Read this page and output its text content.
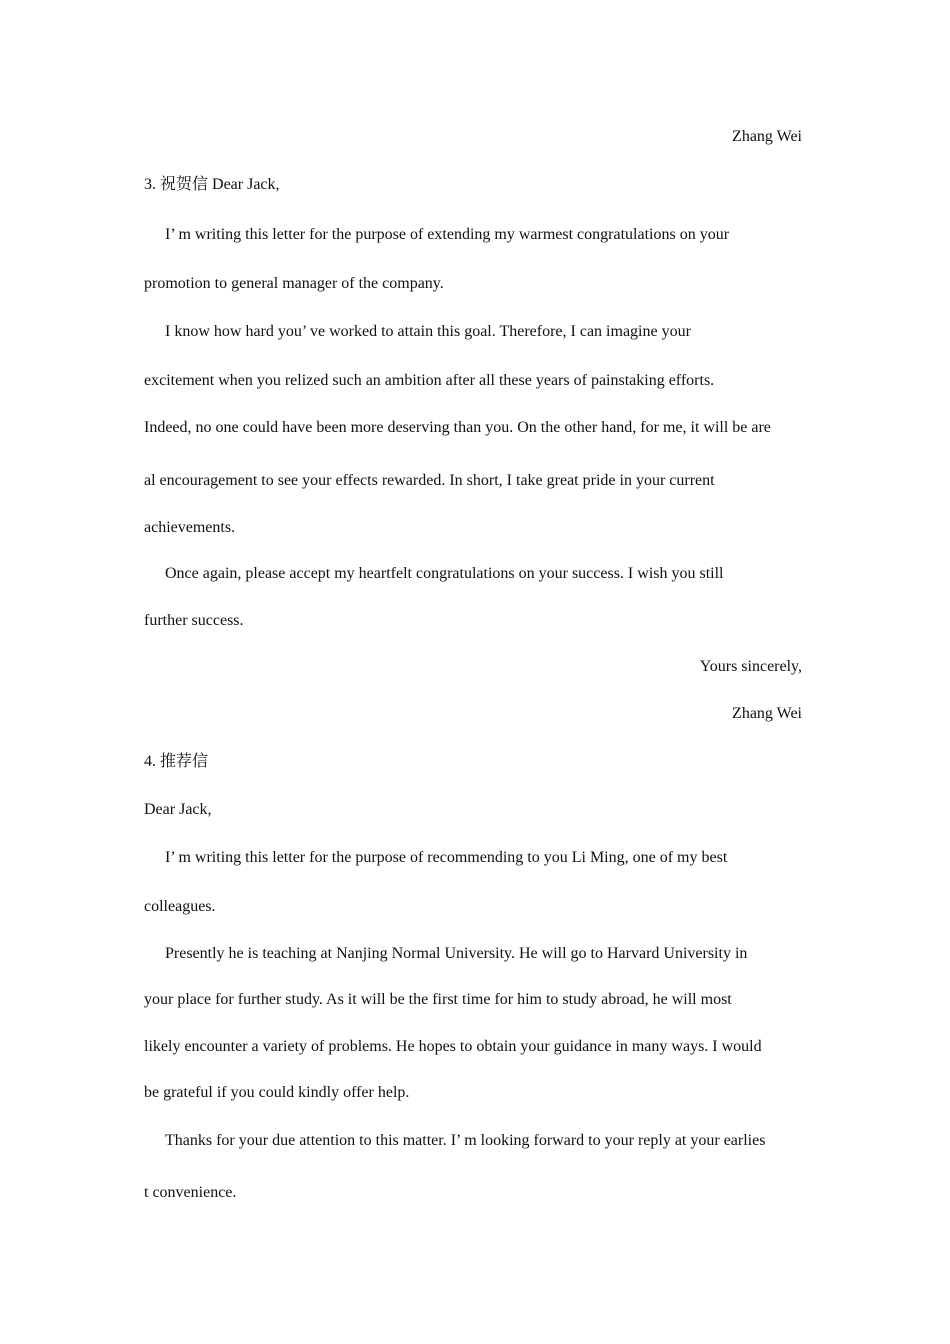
Zhang Wei
3. 祝贺信 Dear Jack,
I’ m writing this letter for the purpose of extending my warmest congratulations on your
promotion to general manager of the company.
I know how hard you’ ve worked to attain this goal. Therefore, I can imagine your
excitement when you relized such an ambition after all these years of painstaking efforts.
Indeed, no one could have been more deserving than you. On the other hand, for me, it will be are
al encouragement to see your effects rewarded. In short, I take great pride in your current
achievements.
Once again, please accept my heartfelt congratulations on your success. I wish you still
further success.
Yours sincerely,
Zhang Wei
4. 推荐信
Dear Jack,
I’ m writing this letter for the purpose of recommending to you Li Ming, one of my best
colleagues.
Presently he is teaching at Nanjing Normal University. He will go to Harvard University in
your place for further study. As it will be the first time for him to study abroad, he will most
likely encounter a variety of problems. He hopes to obtain your guidance in many ways. I would
be grateful if you could kindly offer help.
Thanks for your due attention to this matter. I’ m looking forward to your reply at your earlies
t convenience.
